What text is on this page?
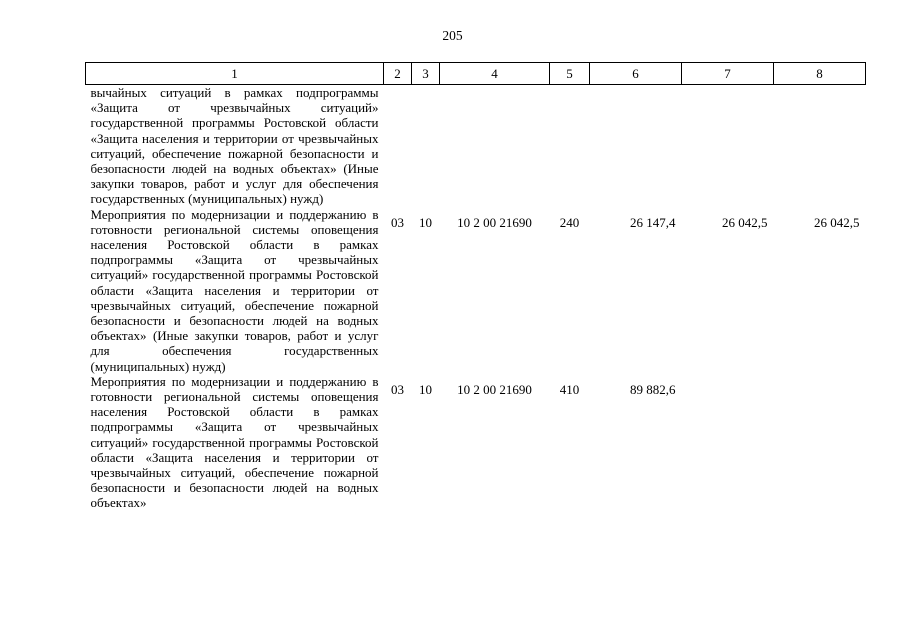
205
1	2	3	4	5	6	7	8
вычайных ситуаций в рамках подпрограммы «Защита от чрезвычайных ситуаций» государственной программы Ростовской области «Защита населения и территории от чрезвычайных ситуаций, обеспечение пожарной безопасности и безопасности людей на водных объектах» (Иные закупки товаров, работ и услуг для обеспечения государственных (муниципальных) нужд)							
Мероприятия по модернизации и поддержанию в готовности региональной системы оповещения населения Ростовской области в рамках подпрограммы «Защита от чрезвычайных ситуаций» государственной программы Ростовской области «Защита населения и территории от чрезвычайных ситуаций, обеспечение пожарной безопасности и безопасности людей на водных объектах» (Иные закупки товаров, работ и услуг для обеспечения государственных (муниципальных) нужд)	03	10	10 2 00 21690	240	26 147,4	26 042,5	26 042,5
Мероприятия по модернизации и поддержанию в готовности региональной системы оповещения населения Ростовской области в рамках подпрограммы «Защита от чрезвычайных ситуаций» государственной программы Ростовской области «Защита населения и территории от чрезвычайных ситуаций, обеспечение пожарной безопасности и безопасности людей на водных объектах»	03	10	10 2 00 21690	410	89 882,6		
